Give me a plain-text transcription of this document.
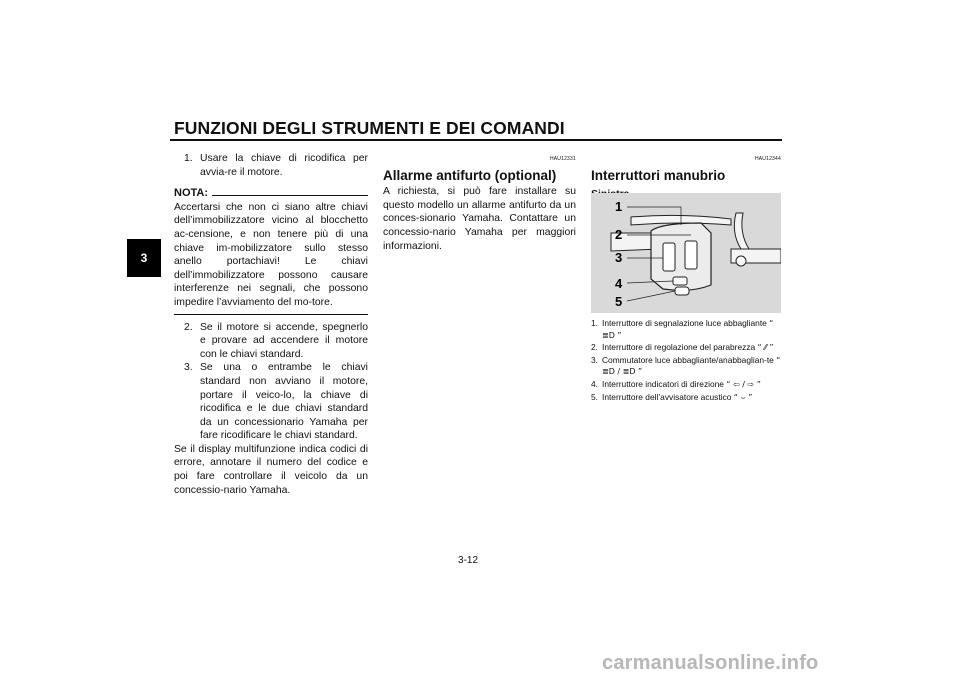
FUNZIONI DEGLI STRUMENTI E DEI COMANDI
3
1. Usare la chiave di ricodifica per avvia-re il motore.
NOTA:
Accertarsi che non ci siano altre chiavi dell’immobilizzatore vicino al blocchetto ac-censione, e non tenere più di una chiave im-mobilizzatore sullo stesso anello portachiavi! Le chiavi dell’immobilizzatore possono causare interferenze nei segnali, che possono impedire l’avviamento del mo-tore.
2. Se il motore si accende, spegnerlo e provare ad accendere il motore con le chiavi standard.
3. Se una o entrambe le chiavi standard non avviano il motore, portare il veico-lo, la chiave di ricodifica e le due chiavi standard da un concessionario Yamaha per fare ricodificare le chiavi standard.
Se il display multifunzione indica codici di errore, annotare il numero del codice e poi fare controllare il veicolo da un concessio-nario Yamaha.
HAU12331
Allarme antifurto (optional)
A richiesta, si può fare installare su questo modello un allarme antifurto da un conces-sionario Yamaha. Contattare un concessio-nario Yamaha per maggiori informazioni.
HAU12344
Interruttori manubrio
1
2
3
4
5
1. Interruttore di segnalazione luce abbagliante “ ≣D ”
2. Interruttore di regolazione del parabrezza “ ⁄⁄ ”
3. Commutatore luce abbagliante/anabbaglian-te “ ≣D / ≣D ”
4. Interruttore indicatori di direzione “ ⇦ / ⇨ ”
5. Interruttore dell’avvisatore acustico “ ⌣ ”
3-12
carmanualsonline.info
